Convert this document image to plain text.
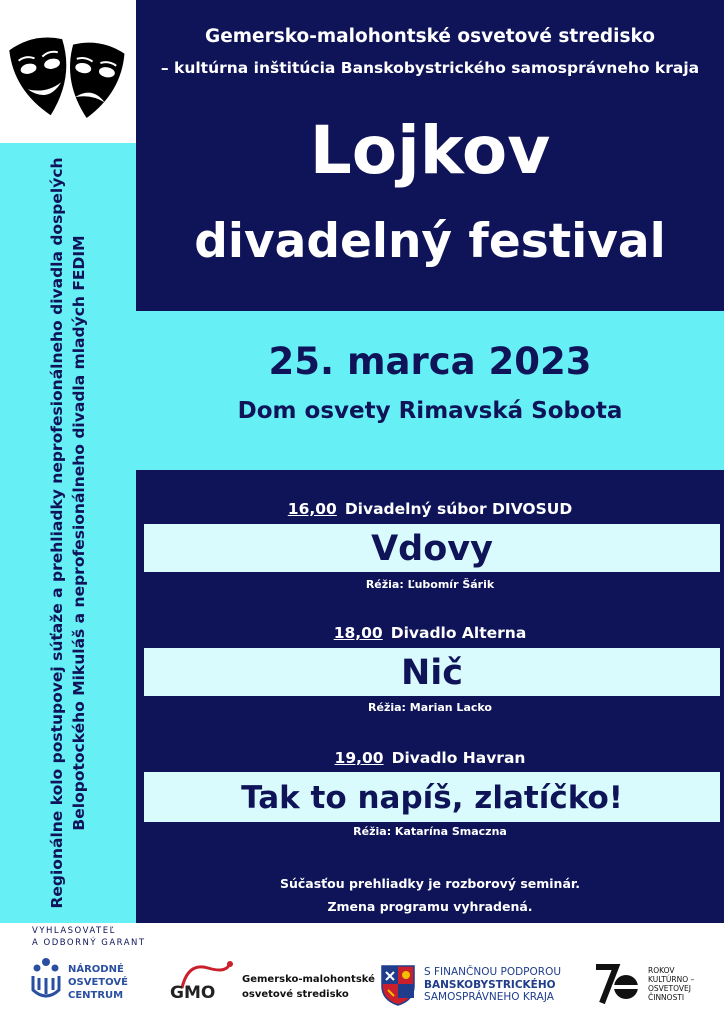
Regionálne kolo postupovej súťaže a prehliadky neprofesionálneho divadla dospelých Belopotockého Mikuláš a neprofesionálneho divadla mladých FEDIM
Gemersko-malohontské osvetové stredisko
– kultúrna inštitúcia Banskobystrického samosprávneho kraja
Lojkov
divadelný festival
25. marca 2023
Dom osvety Rimavská Sobota
16,00 Divadelný súbor DIVOSUD
Vdovy
Réžia: Ľubomír Šárik
18,00 Divadlo Alterna
Nič
Réžia: Marian Lacko
19,00 Divadlo Havran
Tak to napíš, zlatíčko!
Réžia: Katarína Smaczna
Súčasťou prehliadky je rozborový seminár.
Zmena programu vyhradená.
VYHLASOVATEĽ
A ODBORNÝ GARANT
NÁRODNÉ
OSVETOVÉ
CENTRUM	GMO
Gemersko-malohontské
osvetové stredisko
S FINANČNOU PODPOROU
BANSKOBYSTRICKÉHO
SAMOSPRÁVNEHO KRAJA
ROKOV
KULTÚRNO –
OSVETOVEJ
ČINNOSTI
